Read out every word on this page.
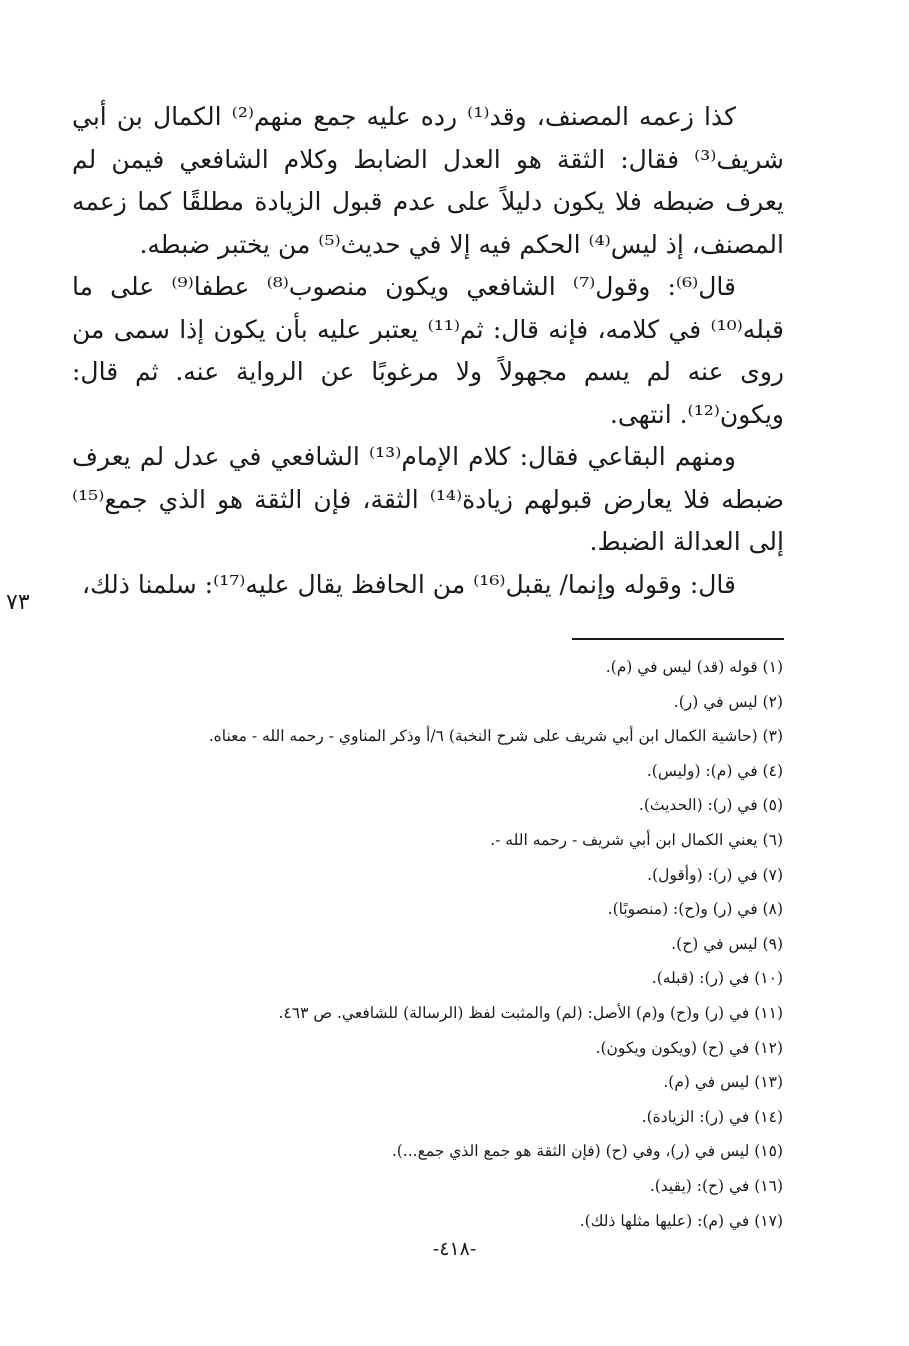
كذا زعمه المصنف، وقد⁽¹⁾ رده عليه جمع منهم⁽²⁾ الكمال بن أبي شريف⁽³⁾ فقال: الثقة هو العدل الضابط وكلام الشافعي فيمن لم يعرف ضبطه فلا يكون دليلاً على عدم قبول الزيادة مطلقًا كما زعمه المصنف، إذ ليس⁽⁴⁾ الحكم فيه إلا في حديث⁽⁵⁾ من يختبر ضبطه.

قال⁽⁶⁾: وقول⁽⁷⁾ الشافعي ويكون منصوب⁽⁸⁾ عطفا⁽⁹⁾ على ما قبله⁽¹⁰⁾ في كلامه، فإنه قال: ثم⁽¹¹⁾ يعتبر عليه بأن يكون إذا سمى من روى عنه لم يسم مجهولاً ولا مرغوبًا عن الرواية عنه. ثم قال: ويكون⁽¹²⁾. انتهى.

ومنهم البقاعي فقال: كلام الإمام⁽¹³⁾ الشافعي في عدل لم يعرف ضبطه فلا يعارض قبولهم زيادة⁽¹⁴⁾ الثقة، فإن الثقة هو الذي جمع⁽¹⁵⁾ إلى العدالة الضبط.

قال: وقوله وإنما/ يقبل⁽¹⁶⁾ من الحافظ يقال عليه⁽¹⁷⁾: سلمنا ذلك،

٧٣
(١) قوله (قد) ليس في (م).
(٢) ليس في (ر).
(٣) (حاشية الكمال ابن أبي شريف على شرح النخبة) ٦/أ وذكر المناوي - رحمه الله - معناه.
(٤) في (م): (وليس).
(٥) في (ر): (الحديث).
(٦) يعني الكمال ابن أبي شريف - رحمه الله -.
(٧) في (ر): (وأقول).
(٨) في (ر) و(ح): (منصوبًا).
(٩) ليس في (ح).
(١٠) في (ر): (قبله).
(١١) في (ر) و(ح) و(م) الأصل: (لم) والمثبت لفظ (الرسالة) للشافعي. ص ٤٦٣.
(١٢) في (ح) (ويكون ويكون).
(١٣) ليس في (م).
(١٤) في (ر): الزيادة).
(١٥) ليس في (ر)، وفي (ح) (فإن الثقة هو جمع الذي جمع...).
(١٦) في (ح): (يقيد).
(١٧) في (م): (عليها مثلها ذلك).
-٤١٨-
